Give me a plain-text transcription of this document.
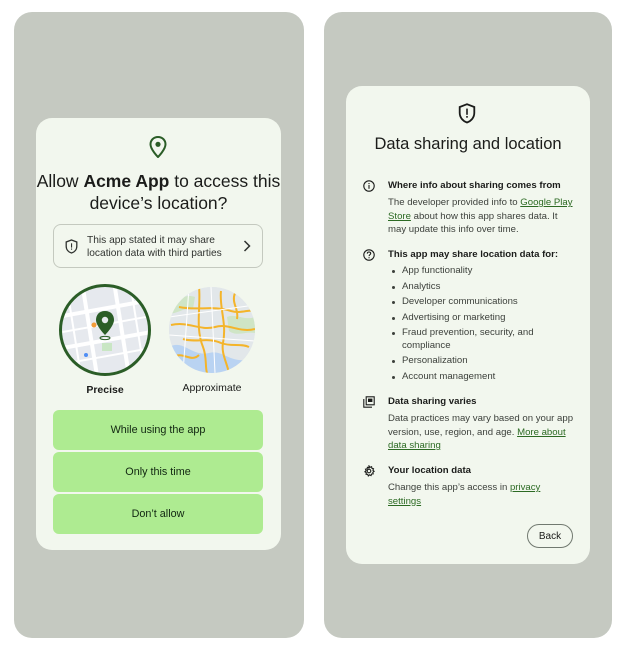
Allow Acme App to access this device’s location?
This app stated it may share location data with third parties
Precise	Approximate
While using the app
Only this time
Don’t allow
Data sharing and location
Where info about sharing comes from
The developer provided info to Google Play Store about how this app shares data. It may update this info over time.
This app may share location data for:
App functionality
Analytics
Developer communications
Advertising or marketing
Fraud prevention, security, and compliance
Personalization
Account management
Data sharing varies
Data practices may vary based on your app version, use, region, and age. More about data sharing
Your location data
Change this app’s access in privacy settings
Back
